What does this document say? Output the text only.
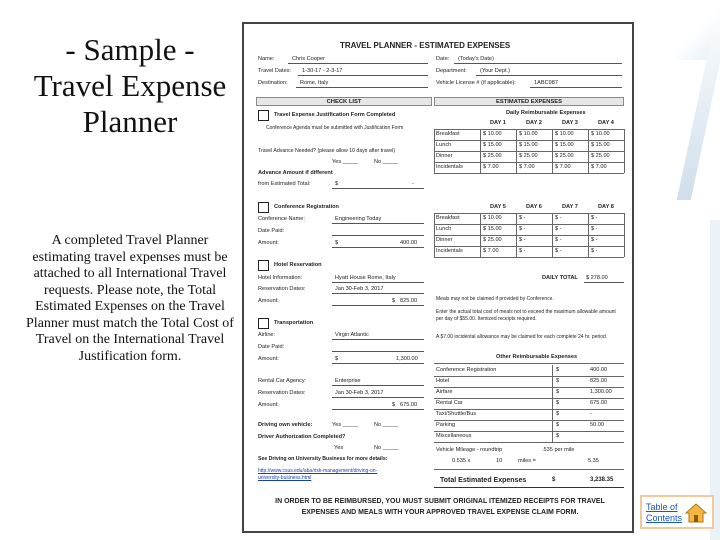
- Sample - Travel Expense Planner
A completed Travel Planner estimating travel expenses must be attached to all International Travel requests. Please note, the Total Estimated Expenses on the Travel Planner must match the Total Cost of Travel on the International Travel Justification form.
TRAVEL PLANNER - ESTIMATED EXPENSES
Name:	Chris Cooper
Travel Dates: 1-30-17 - 2-3-17
Destination: Rome, Italy
Date: (Today's Date)
Department: (Your Dept.)
Vehicle License # (if applicable):	1ABC987
CHECK LIST	ESTIMATED EXPENSES
Travel Expense Justification Form Completed
Conference Agenda must be submitted with Justification Form
Travel Advance Needed? (please allow 10 days after travel)
Yes _____	No _____
Advance Amount if different
from Estimated Total:	$	-
Conference Registration
Conference Name:	Engineering Today
Date Paid:
Amount:	$	400.00
Hotel Reservation
Hotel Information:	Hyatt House Rome, Italy
Reservation Dates:	Jan 30-Feb 3, 2017
Amount:	$ 825.00
Transportation
Airline:	Virgin Atlantic
Date Paid:
Amount:	$	1,300.00
Rental Car Agency:	Enterprise
Reservation Dates:	Jan 30-Feb 3, 2017
Amount:	$ 675.00
Driving own vehicle:	Yes _____	No _____
Driver Authorization Completed?
Yes	No _____
See Driving on University Business for more details:
http://www.csus.edu/aba/risk-management/driving-on-
university-business.html
Daily Reimbursable Expenses
DAILY TOTAL $ 278.00
Meals may not be claimed if provided by Conference.
Enter the actual total cost of meals not to exceed the maximum allowable amount per day of $55.00. Itemized receipts required.
A $7.00 incidental allowance may be claimed for each complete 24 hr. period.
Other Reimbursable Expenses
Vehicle Mileage - roundtrip	.535 per mile
0.535 x	10	miles =	5.35
Total Estimated Expenses	$	3,238.35
IN ORDER TO BE REIMBURSED, YOU MUST SUBMIT ORIGINAL ITEMIZED RECEIPTS FOR TRAVEL
EXPENSES AND MEALS WITH YOUR APPROVED TRAVEL EXPENSE CLAIM FORM.
DAY 1	DAY 2	DAY 3	DAY 4
Breakfast	$ 10.00	$ 10.00	$ 10.00	$ 10.00
Lunch	$ 15.00	$ 15.00	$ 15.00	$ 15.00
Dinner	$ 25.00	$ 25.00	$ 25.00	$ 25.00
Incidentals	$ 7.00	$ 7.00	$ 7.00	$ 7.00
DAY 5	DAY 6	DAY 7	DAY 8
Breakfast	$ 10.00	$ -	$ -	$ -
Lunch	$ 15.00	$ -	$ -	$ -
Dinner	$ 25.00	$ -	$ -	$ -
Incidentals	$ 7.00	$ -	$ -	$ -
Conference Registration	$	400.00
Hotel	$	825.00
Airfare	$	1,300.00
Rental Car	$	675.00
Taxi/Shuttle/Bus	$	-
Parking	$	50.00
Miscellaneous	$
Table of Contents
